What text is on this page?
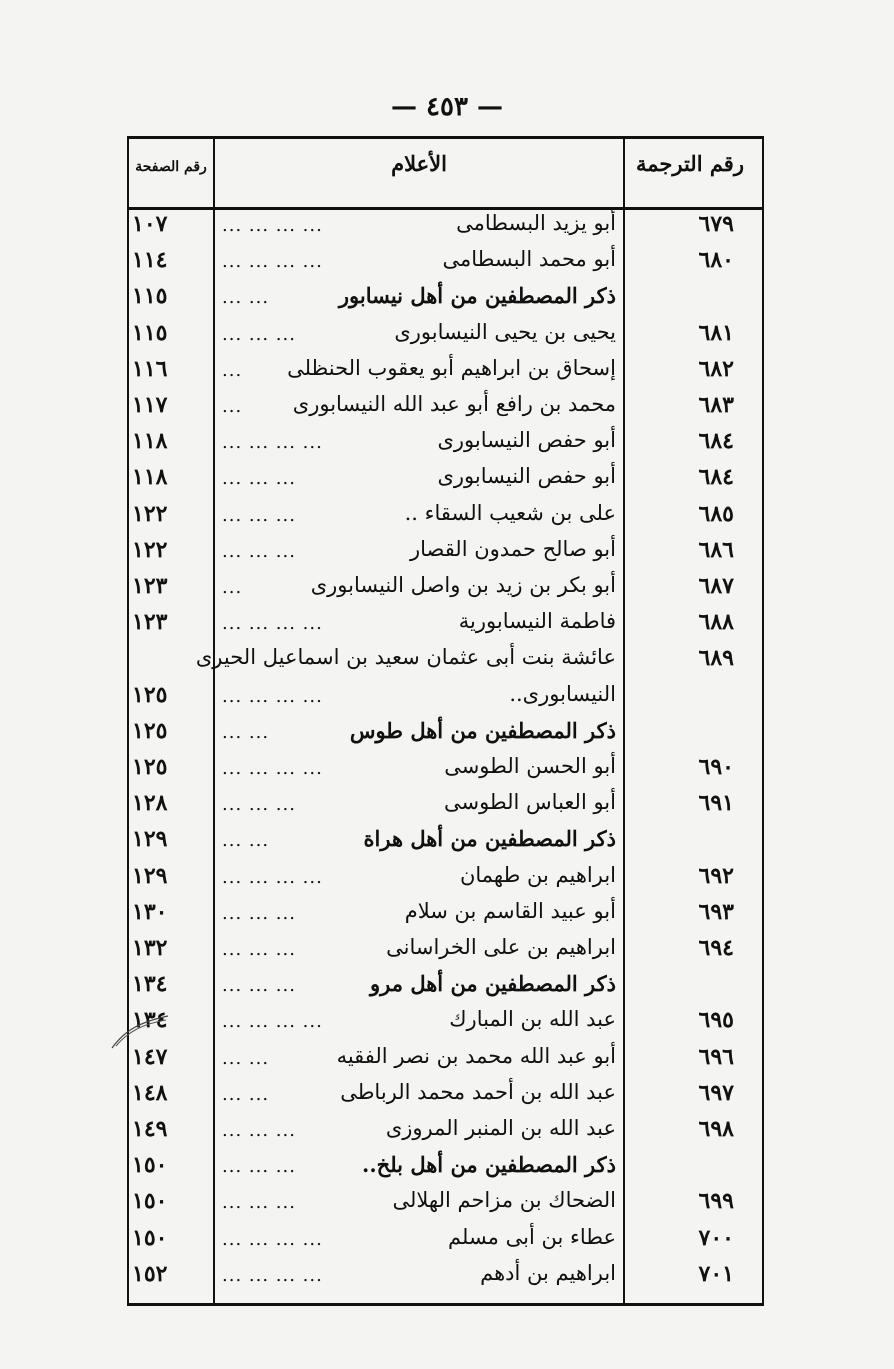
— ٤٥٣ —
رقم الترجمة
الأعلام
رقم الصفحة
٦٧٩
أبو يزيد البسطامى
... ... ... ...
١٠٧
٦٨٠
أبو محمد البسطامى
... ... ... ...
١١٤
ذكر المصطفين من أهل نيسابور
... ...
١١٥
٦٨١
يحيى بن يحيى النيسابورى
... ... ...
١١٥
٦٨٢
إسحاق بن ابراهيم أبو يعقوب الحنظلى
...
١١٦
٦٨٣
محمد بن رافع أبو عبد الله النيسابورى
...
١١٧
٦٨٤
أبو حفص النيسابورى
... ... ... ...
١١٨
٦٨٤
أبو حفص النيسابورى
... ... ...
١١٨
٦٨٥
على بن شعيب السقاء ..
... ... ...
١٢٢
٦٨٦
أبو صالح حمدون القصار
... ... ...
١٢٢
٦٨٧
أبو بكر بن زيد بن واصل النيسابورى
...
١٢٣
٦٨٨
فاطمة النيسابورية
... ... ... ...
١٢٣
٦٨٩
عائشة بنت أبى عثمان سعيد بن اسماعيل الحيرى
النيسابورى..
... ... ... ...
١٢٥
ذكر المصطفين من أهل طوس
... ...
١٢٥
٦٩٠
أبو الحسن الطوسى
... ... ... ...
١٢٥
٦٩١
أبو العباس الطوسى
... ... ...
١٢٨
ذكر المصطفين من أهل هراة
... ...
١٢٩
٦٩٢
ابراهيم بن طهمان
... ... ... ...
١٢٩
٦٩٣
أبو عبيد القاسم بن سلام
... ... ...
١٣٠
٦٩٤
ابراهيم بن على الخراسانى
... ... ...
١٣٢
ذكر المصطفين من أهل مرو
... ... ...
١٣٤
٦٩٥
عبد الله بن المبارك
... ... ... ...
١٣٤
٦٩٦
أبو عبد الله محمد بن نصر الفقيه
... ...
١٤٧
٦٩٧
عبد الله بن أحمد محمد الرباطى
... ...
١٤٨
٦٩٨
عبد الله بن المنبر المروزى
... ... ...
١٤٩
ذكر المصطفين من أهل بلخ..
... ... ...
١٥٠
٦٩٩
الضحاك بن مزاحم الهلالى
... ... ...
١٥٠
٧٠٠
عطاء بن أبى مسلم
... ... ... ...
١٥٠
٧٠١
ابراهيم بن أدهم
... ... ... ...
١٥٢
